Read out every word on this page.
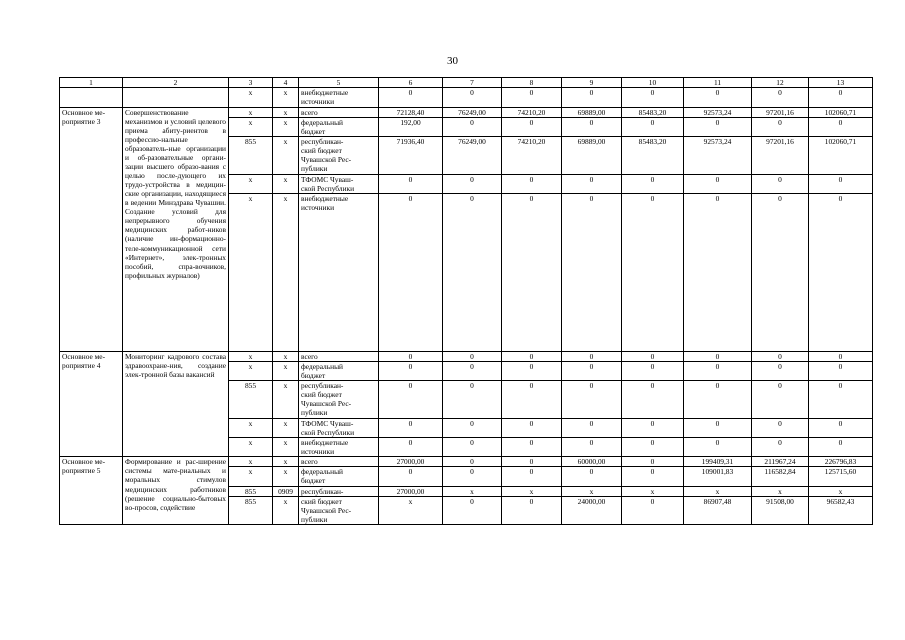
30
1	2	3	4	5	6	7	8	9	10	11	12	13

		х	х	внебюджетные
источники	0	0	0	0	0	0	0	0

Основное ме-
роприятие 3	Совершенствование механизмов и условий целевого приема абиту-риентов в профессио-нальные образователь-ные организации и об-разовательные органи-зации высшего образо-вания с целью после-дующего их трудо-устройства в медицин-ские организации, находящиеся в ведении Минздрава Чувашии. Создание условий для непрерывного обучения медицинских работ-ников (наличие ин-формационно-теле-коммуникационной сети «Интернет», элек-тронных пособий, спра-вочников, профильных журналов)	х	х	всего	72128,40	76249,00	74210,20	69889,00	85483,20	92573,24	97201,16	102060,71

		х	х	федеральный
бюджет	192,00	0	0	0	0	0	0	0

		855	х	республикан-
ский бюджет
Чувашской Рес-
публики	71936,40	76249,00	74210,20	69889,00	85483,20	92573,24	97201,16	102060,71

		х	х	ТФОМС Чуваш-
ской Республики	0	0	0	0	0	0	0	0

		х	х	внебюджетные
источники	0	0	0	0	0	0	0	0

Основное ме-
роприятие 4	Мониторинг кадрового состава здравоохране-ния, создание элек-тронной базы вакансий	х	х	всего	0	0	0	0	0	0	0	0

		х	х	федеральный
бюджет	0	0	0	0	0	0	0	0

		855	х	республикан-
ский бюджет
Чувашской Рес-
публики	0	0	0	0	0	0	0	0

		х	х	ТФОМС Чуваш-
ской Республики	0	0	0	0	0	0	0	0

		х	х	внебюджетные
источники	0	0	0	0	0	0	0	0

Основное ме-
роприятие 5	Формирование и рас-ширение системы мате-риальных и моральных стимулов медицинских работников (решение социально-бытовых во-просов, содействие	х	х	всего	27000,00	0	0	60000,00	0	199409,31	211967,24	226796,83

		х	х	федеральный
бюджет	0	0	0	0	0	109001,83	116582,84	125715,60

		855	0909	республикан-	27000,00	х	х	х	х	х	х	х

		855	х	ский бюджет
Чувашской Рес-
публики	х	0	0	24000,00	0	86907,48	91508,00	96582,43
